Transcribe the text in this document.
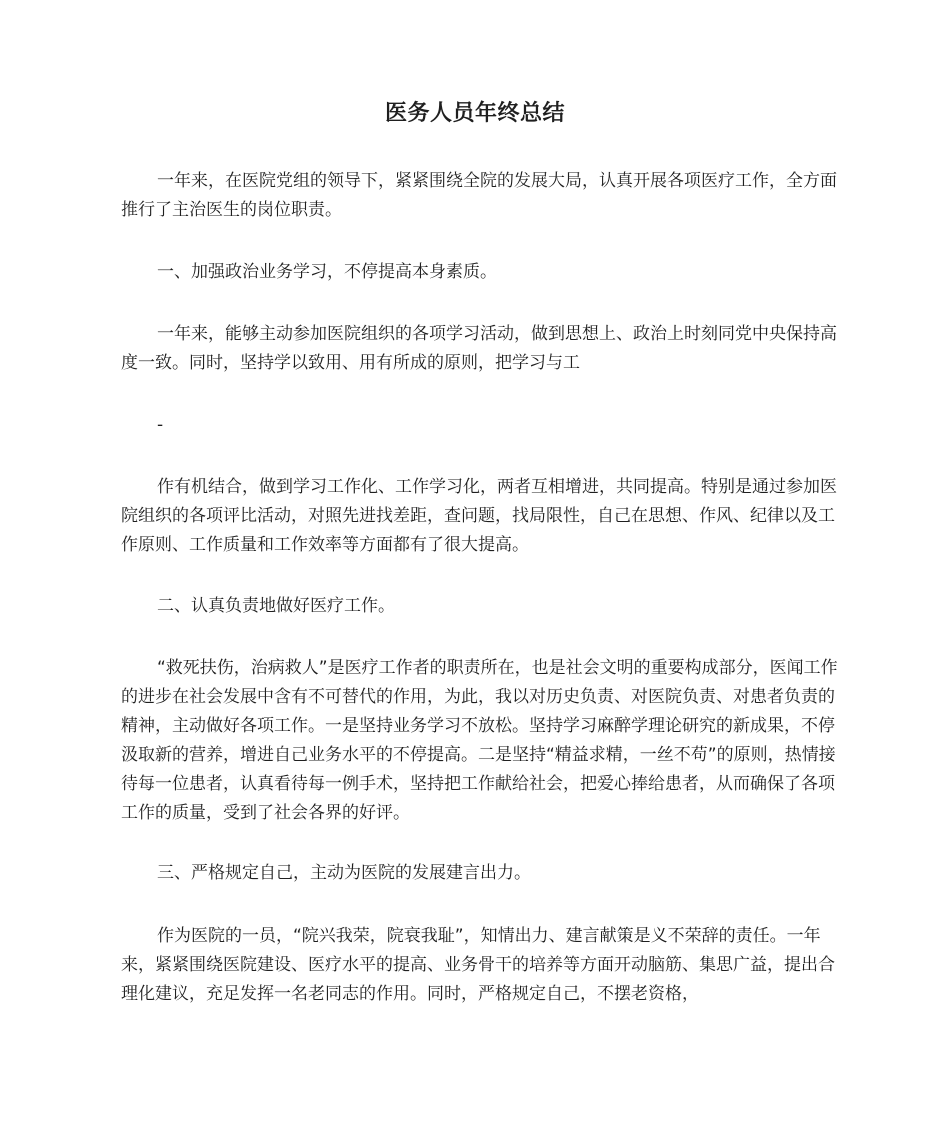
医务人员年终总结

一年来，在医院党组的领导下，紧紧围绕全院的发展大局，认真开展各项医疗工作，全方面推行了主治医生的岗位职责。

一、加强政治业务学习，不停提高本身素质。

一年来，能够主动参加医院组织的各项学习活动，做到思想上、政治上时刻同党中央保持高度一致。同时，坚持学以致用、用有所成的原则，把学习与工

-

作有机结合，做到学习工作化、工作学习化，两者互相增进，共同提高。特别是通过参加医院组织的各项评比活动，对照先进找差距，查问题，找局限性，自己在思想、作风、纪律以及工作原则、工作质量和工作效率等方面都有了很大提高。

二、认真负责地做好医疗工作。

“救死扶伤，治病救人”是医疗工作者的职责所在，也是社会文明的重要构成部分，医闻工作的进步在社会发展中含有不可替代的作用，为此，我以对历史负责、对医院负责、对患者负责的精神，主动做好各项工作。一是坚持业务学习不放松。坚持学习麻醉学理论研究的新成果，不停汲取新的营养，增进自己业务水平的不停提高。二是坚持“精益求精，一丝不苟”的原则，热情接待每一位患者，认真看待每一例手术，坚持把工作献给社会，把爱心捧给患者，从而确保了各项工作的质量，受到了社会各界的好评。

三、严格规定自己，主动为医院的发展建言出力。

作为医院的一员，“院兴我荣，院衰我耻”，知情出力、建言献策是义不荣辞的责任。一年来，紧紧围绕医院建设、医疗水平的提高、业务骨干的培养等方面开动脑筋、集思广益，提出合理化建议，充足发挥一名老同志的作用。同时，严格规定自己，不摆老资格，
